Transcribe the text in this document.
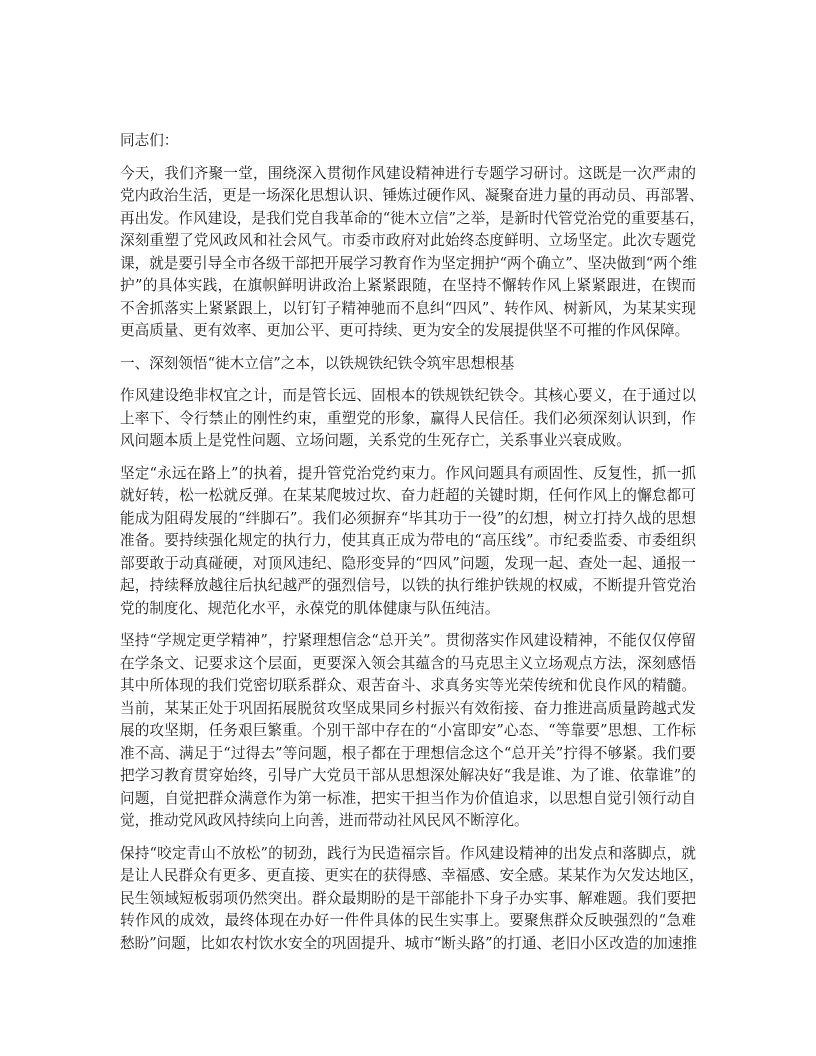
同志们：
今天，我们齐聚一堂，围绕深入贯彻作风建设精神进行专题学习研讨。这既是一次严肃的
党内政治生活，更是一场深化思想认识、锤炼过硬作风、凝聚奋进力量的再动员、再部署、
再出发。作风建设，是我们党自我革命的“徙木立信”之举，是新时代管党治党的重要基石，
深刻重塑了党风政风和社会风气。市委市政府对此始终态度鲜明、立场坚定。此次专题党
课，就是要引导全市各级干部把开展学习教育作为坚定拥护“两个确立”、坚决做到“两个维
护”的具体实践，在旗帜鲜明讲政治上紧紧跟随，在坚持不懈转作风上紧紧跟进，在锲而
不舍抓落实上紧紧跟上，以钉钉子精神驰而不息纠“四风”、转作风、树新风，为某某实现
更高质量、更有效率、更加公平、更可持续、更为安全的发展提供坚不可摧的作风保障。
一、深刻领悟“徙木立信”之本，以铁规铁纪铁令筑牢思想根基
作风建设绝非权宜之计，而是管长远、固根本的铁规铁纪铁令。其核心要义，在于通过以
上率下、令行禁止的刚性约束，重塑党的形象，赢得人民信任。我们必须深刻认识到，作
风问题本质上是党性问题、立场问题，关系党的生死存亡，关系事业兴衰成败。
坚定“永远在路上”的执着，提升管党治党约束力。作风问题具有顽固性、反复性，抓一抓
就好转，松一松就反弹。在某某爬坡过坎、奋力赶超的关键时期，任何作风上的懈怠都可
能成为阻碍发展的“绊脚石”。我们必须摒弃“毕其功于一役”的幻想，树立打持久战的思想
准备。要持续强化规定的执行力，使其真正成为带电的“高压线”。市纪委监委、市委组织
部要敢于动真碰硬，对顶风违纪、隐形变异的“四风”问题，发现一起、查处一起、通报一
起，持续释放越往后执纪越严的强烈信号，以铁的执行维护铁规的权威，不断提升管党治
党的制度化、规范化水平，永葆党的肌体健康与队伍纯洁。
坚持“学规定更学精神”，拧紧理想信念“总开关”。贯彻落实作风建设精神，不能仅仅停留
在学条文、记要求这个层面，更要深入领会其蕴含的马克思主义立场观点方法，深刻感悟
其中所体现的我们党密切联系群众、艰苦奋斗、求真务实等光荣传统和优良作风的精髓。
当前，某某正处于巩固拓展脱贫攻坚成果同乡村振兴有效衔接、奋力推进高质量跨越式发
展的攻坚期，任务艰巨繁重。个别干部中存在的“小富即安”心态、“等靠要”思想、工作标
准不高、满足于“过得去”等问题，根子都在于理想信念这个“总开关”拧得不够紧。我们要
把学习教育贯穿始终，引导广大党员干部从思想深处解决好“我是谁、为了谁、依靠谁”的
问题，自觉把群众满意作为第一标准，把实干担当作为价值追求，以思想自觉引领行动自
觉，推动党风政风持续向上向善，进而带动社风民风不断淳化。
保持“咬定青山不放松”的韧劲，践行为民造福宗旨。作风建设精神的出发点和落脚点，就
是让人民群众有更多、更直接、更实在的获得感、幸福感、安全感。某某作为欠发达地区，
民生领域短板弱项仍然突出。群众最期盼的是干部能扑下身子办实事、解难题。我们要把
转作风的成效，最终体现在办好一件件具体的民生实事上。要聚焦群众反映强烈的“急难
愁盼”问题，比如农村饮水安全的巩固提升、城市“断头路”的打通、老旧小区改造的加速推
